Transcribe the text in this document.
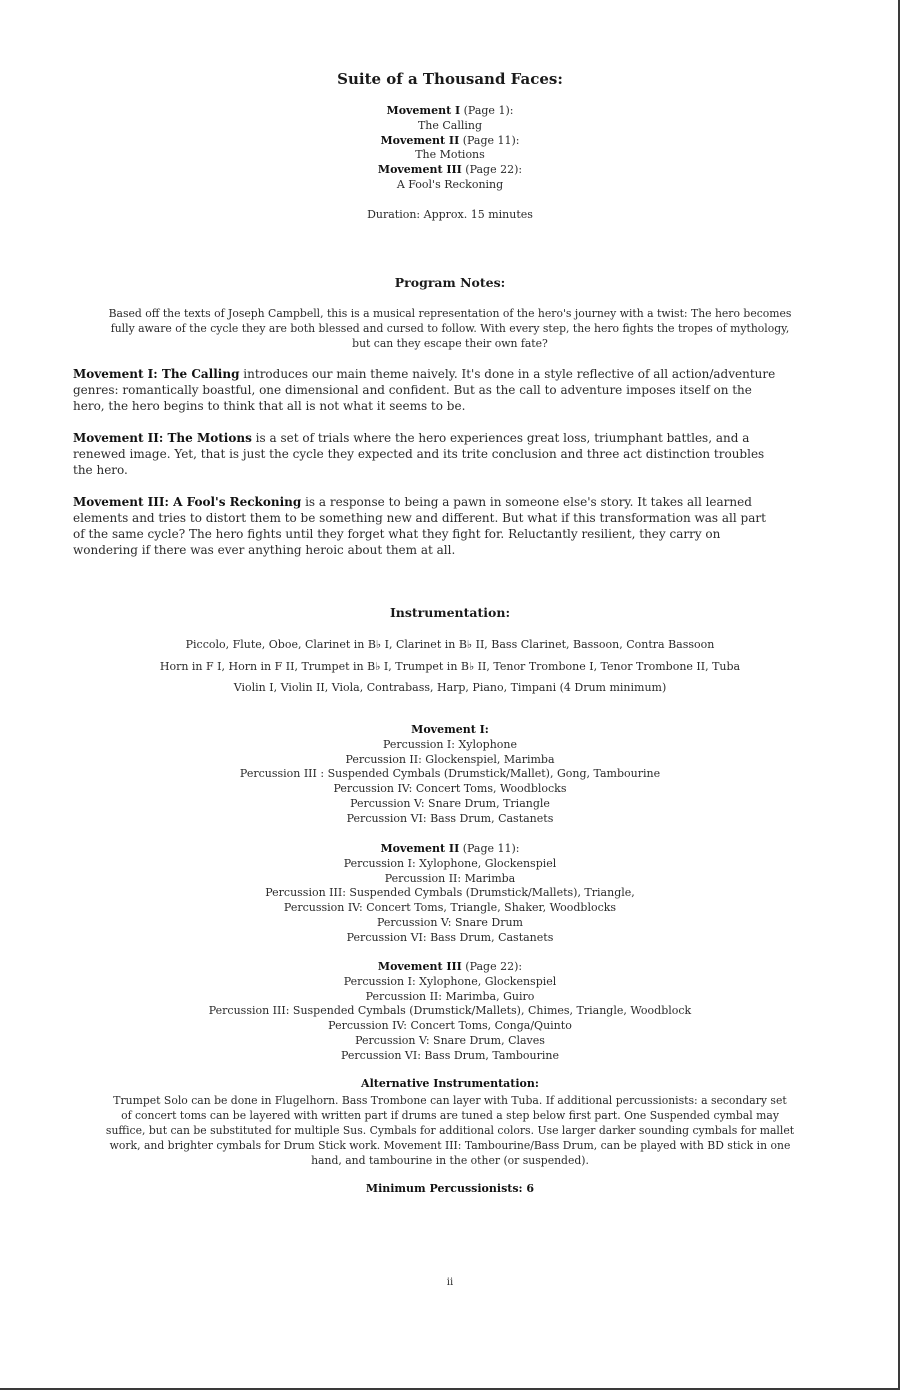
Suite of a Thousand Faces:
Movement I (Page 1):
The Calling
Movement II (Page 11):
The Motions
Movement III (Page 22):
A Fool's Reckoning
Duration: Approx. 15 minutes
Program Notes:
Based off the texts of Joseph Campbell, this is a musical representation of the hero's journey with a twist: The hero becomes
fully aware of the cycle they are both blessed and cursed to follow. With every step, the hero fights the tropes of mythology,
but can they escape their own fate?
Movement I: The Calling introduces our main theme naively. It's done in a style reflective of all action/adventure
genres: romantically boastful, one dimensional and confident. But as the call to adventure imposes itself on the
hero, the hero begins to think that all is not what it seems to be.
Movement II: The Motions is a set of trials where the hero experiences great loss, triumphant battles, and a
renewed image. Yet, that is just the cycle they expected and its trite conclusion and three act distinction troubles
the hero.
Movement III: A Fool's Reckoning is a response to being a pawn in someone else's story. It takes all learned
elements and tries to distort them to be something new and different. But what if this transformation was all part
of the same cycle? The hero fights until they forget what they fight for. Reluctantly resilient, they carry on
wondering if there was ever anything heroic about them at all.
Instrumentation:
Piccolo, Flute, Oboe, Clarinet in B♭ I, Clarinet in B♭ II, Bass Clarinet, Bassoon, Contra Bassoon
Horn in F I, Horn in F II, Trumpet in B♭ I, Trumpet in B♭ II, Tenor Trombone I, Tenor Trombone II, Tuba
Violin I, Violin II, Viola, Contrabass, Harp, Piano, Timpani (4 Drum minimum)
Movement I:
Percussion I: Xylophone
Percussion II: Glockenspiel, Marimba
Percussion III : Suspended Cymbals (Drumstick/Mallet), Gong, Tambourine
Percussion IV: Concert Toms, Woodblocks
Percussion V: Snare Drum, Triangle
Percussion VI: Bass Drum, Castanets
Movement II (Page 11):
Percussion I: Xylophone, Glockenspiel
Percussion II: Marimba
Percussion III: Suspended Cymbals (Drumstick/Mallets), Triangle,
Percussion IV: Concert Toms, Triangle, Shaker, Woodblocks
Percussion V: Snare Drum
Percussion VI: Bass Drum, Castanets
Movement III (Page 22):
Percussion I: Xylophone, Glockenspiel
Percussion II: Marimba, Guiro
Percussion III: Suspended Cymbals (Drumstick/Mallets), Chimes, Triangle, Woodblock
Percussion IV: Concert Toms, Conga/Quinto
Percussion V: Snare Drum, Claves
Percussion VI: Bass Drum, Tambourine
Alternative Instrumentation:
Trumpet Solo can be done in Flugelhorn. Bass Trombone can layer with Tuba. If additional percussionists: a secondary set
of concert toms can be layered with written part if drums are tuned a step below first part. One Suspended cymbal may
suffice, but can be substituted for multiple Sus. Cymbals for additional colors. Use larger darker sounding cymbals for mallet
work, and brighter cymbals for Drum Stick work. Movement III: Tambourine/Bass Drum, can be played with BD stick in one
hand, and tambourine in the other (or suspended).
Minimum Percussionists: 6
ii
